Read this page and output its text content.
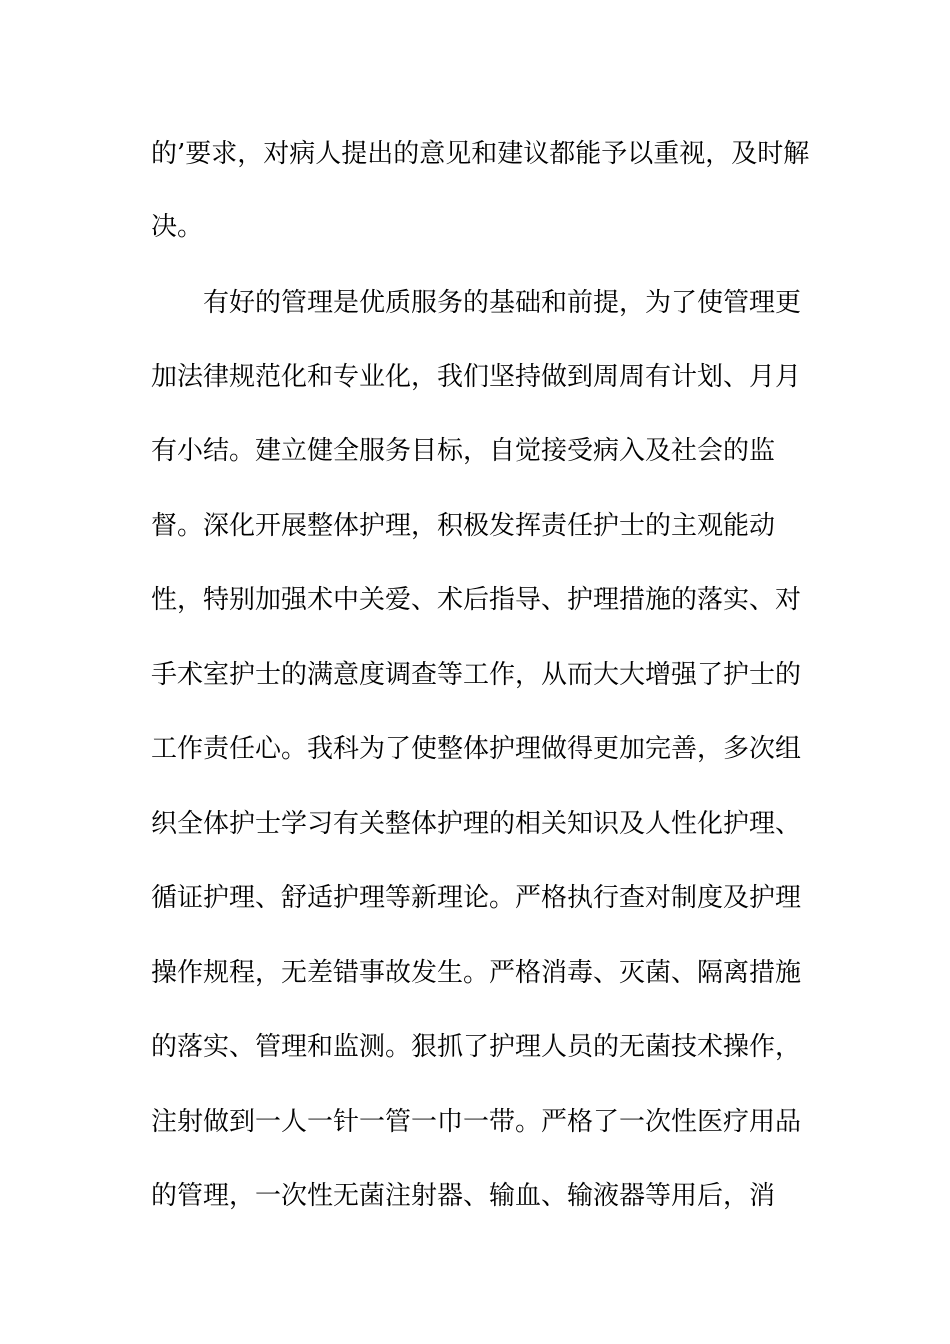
的’要求，对病人提出的意见和建议都能予以重视，及时解
决。
有好的管理是优质服务的基础和前提，为了使管理更
加法律规范化和专业化，我们坚持做到周周有计划、月月
有小结。建立健全服务目标，自觉接受病入及社会的监
督。深化开展整体护理，积极发挥责任护士的主观能动
性，特别加强术中关爱、术后指导、护理措施的落实、对
手术室护士的满意度调查等工作，从而大大增强了护士的
工作责任心。我科为了使整体护理做得更加完善，多次组
织全体护士学习有关整体护理的相关知识及人性化护理、
循证护理、舒适护理等新理论。严格执行查对制度及护理
操作规程，无差错事故发生。严格消毒、灭菌、隔离措施
的落实、管理和监测。狠抓了护理人员的无菌技术操作，
注射做到一人一针一管一巾一带。严格了一次性医疗用品
的管理，一次性无菌注射器、输血、输液器等用后，消
